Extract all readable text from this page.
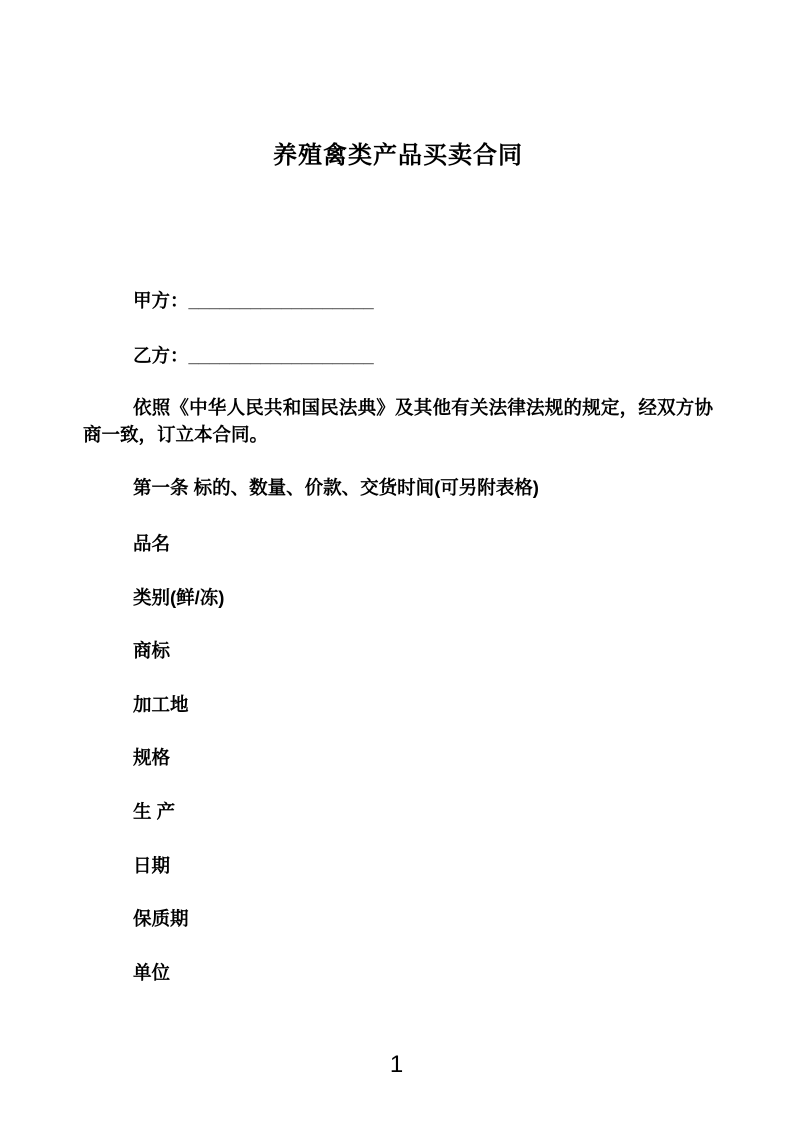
养殖禽类产品买卖合同

甲方：__________________

乙方：__________________

依照《中华人民共和国民法典》及其他有关法律法规的规定，经双方协商一致，订立本合同。

第一条 标的、数量、价款、交货时间(可另附表格)

品名

类别(鲜/冻)

商标

加工地

规格

生 产

日期

保质期

单位

1
